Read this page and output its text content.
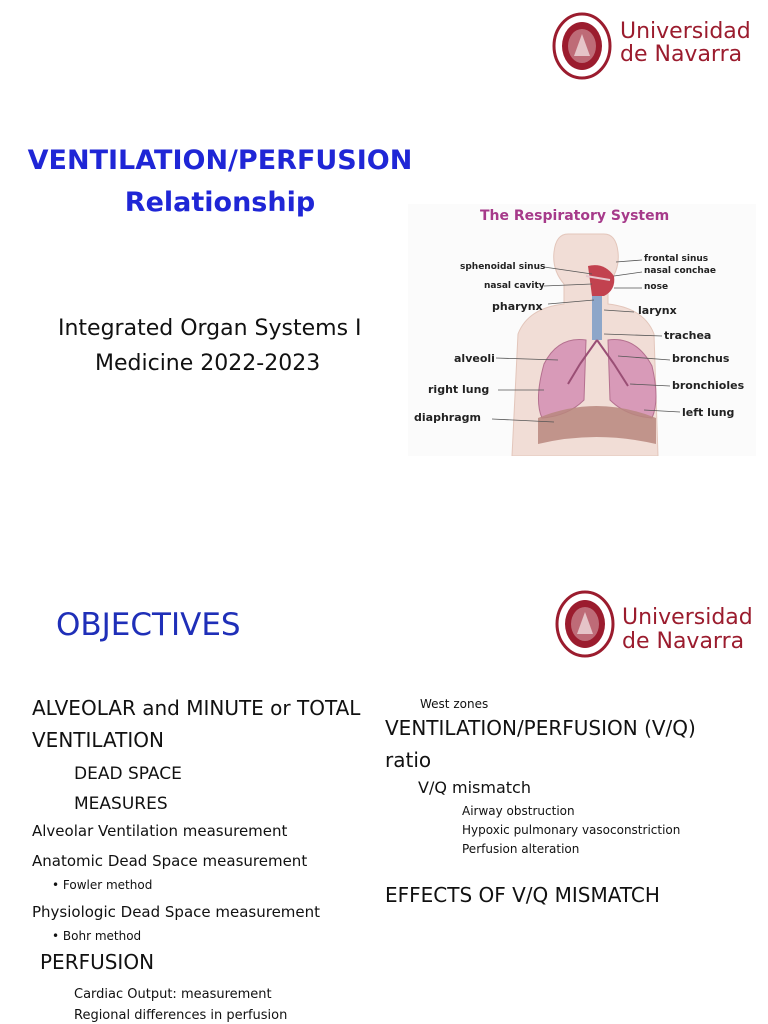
Universidad
de Navarra
VENTILATION/PERFUSION
Relationship
Integrated Organ Systems I
Medicine 2022-2023
The Respiratory System
sphenoidal sinus
nasal cavity
pharynx
alveoli
right lung
diaphragm
frontal sinus
nasal conchae
nose
larynx
trachea
bronchus
bronchioles
left lung
Universidad
de Navarra
OBJECTIVES
ALVEOLAR and MINUTE or TOTAL
VENTILATION
DEAD SPACE
MEASURES
Alveolar Ventilation measurement
Anatomic Dead Space measurement
• Fowler method
Physiologic Dead Space measurement
• Bohr method
PERFUSION
Cardiac Output: measurement
Regional differences in perfusion
West zones
VENTILATION/PERFUSION (V/Q)
ratio
V/Q mismatch
Airway obstruction
Hypoxic pulmonary vasoconstriction
Perfusion alteration
EFFECTS OF V/Q MISMATCH
